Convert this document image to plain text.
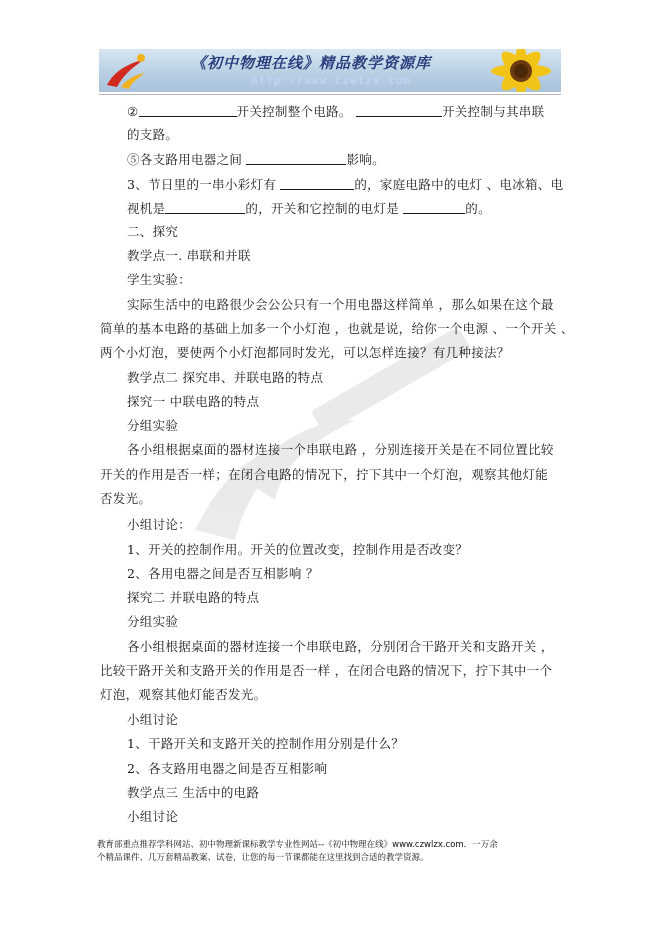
《初中物理在线》精品教学资源库
http://www.czwlzx.com
②	开关控制整个电路。	开关控制与其串联
的支路。
⑤各支路用电器之间	影响。
3、节日里的一串小彩灯有	的，家庭电路中的电灯 、电冰箱、电
视机是	的，开关和它控制的电灯是	的。
二、探究
教学点一. 串联和并联
学生实验：
实际生活中的电路很少会公公只有一个用电器这样简单 ，那么如果在这个最
简单的基本电路的基础上加多一个小灯泡 ，也就是说，给你一个电源 、一个开关 、
两个小灯泡，要使两个小灯泡都同时发光，可以怎样连接？有几种接法？
教学点二 探究串、并联电路的特点
探究一 中联电路的特点
分组实验
各小组根据桌面的器材连接一个串联电路 ，分别连接开关是在不同位置比较
开关的作用是否一样；在闭合电路的情况下，拧下其中一个灯泡，观察其他灯能
否发光。
小组讨论：
1、开关的控制作用。开关的位置改变，控制作用是否改变？
2、各用电器之间是否互相影响 ？
探究二 并联电路的特点
分组实验
各小组根据桌面的器材连接一个串联电路，分别闭合干路开关和支路开关 ，
比较干路开关和支路开关的作用是否一样 ，在闭合电路的情况下，拧下其中一个
灯泡，观察其他灯能否发光。
小组讨论
1、干路开关和支路开关的控制作用分别是什么？
2、各支路用电器之间是否互相影响
教学点三 生活中的电路
小组讨论
教育部重点推荐学科网站、初中物理新课标教学专业性网站--《初中物理在线》www.czwlzx.com．一万余
个精品课件、几万套精品教案、试卷，让您的每一节课都能在这里找到合适的教学资源。
